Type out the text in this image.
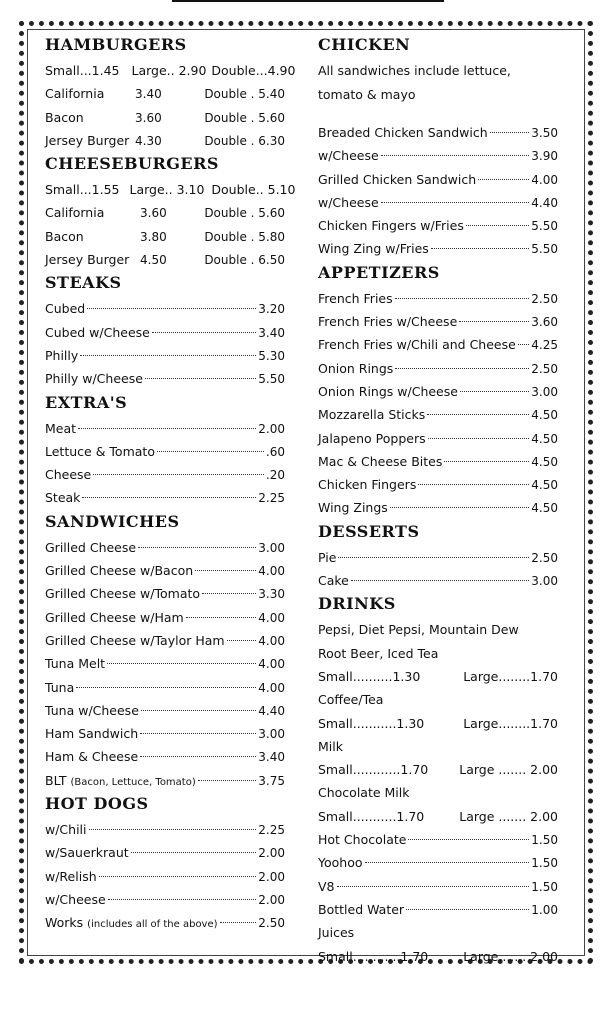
HAMBURGERS
Small...1.45 Large.. 2.90 Double...4.90
California	3.40	Double . 5.40
Bacon	3.60	Double . 5.60
Jersey Burger 4.30	Double . 6.30
CHEESEBURGERS
Small...1.55 Large.. 3.10 Double.. 5.10
California	3.60	Double . 5.60
Bacon	3.80	Double . 5.80
Jersey Burger 4.50	Double . 6.50
STEAKS
Cubed	3.20
Cubed w/Cheese	3.40
Philly	5.30
Philly w/Cheese	5.50
EXTRA'S
Meat	2.00
Lettuce & Tomato	.60
Cheese	.20
Steak	2.25
SANDWICHES
Grilled Cheese	3.00
Grilled Cheese w/Bacon	4.00
Grilled Cheese w/Tomato	3.30
Grilled Cheese w/Ham	4.00
Grilled Cheese w/Taylor Ham	4.00
Tuna Melt	4.00
Tuna	4.00
Tuna w/Cheese	4.40
Ham Sandwich	3.00
Ham & Cheese	3.40
BLT (Bacon, Lettuce, Tomato)	3.75
HOT DOGS
w/Chili	2.25
w/Sauerkraut	2.00
w/Relish	2.00
w/Cheese	2.00
Works (includes all of the above)	2.50
CHICKEN
All sandwiches include lettuce,
tomato & mayo
Breaded Chicken Sandwich	3.50
w/Cheese	3.90
Grilled Chicken Sandwich	4.00
w/Cheese	4.40
Chicken Fingers w/Fries	5.50
Wing Zing w/Fries	5.50
APPETIZERS
French Fries	2.50
French Fries w/Cheese	3.60
French Fries w/Chili and Cheese 4.25
Onion Rings	2.50
Onion Rings w/Cheese	3.00
Mozzarella Sticks	4.50
Jalapeno Poppers	4.50
Mac & Cheese Bites	4.50
Chicken Fingers	4.50
Wing Zings	4.50
DESSERTS
Pie	2.50
Cake	3.00
DRINKS
Pepsi, Diet Pepsi, Mountain Dew
Root Beer, Iced Tea
Small..........1.30	Large........1.70
Coffee/Tea
Small...........1.30	Large........1.70
Milk
Small............1.70 Large ....... 2.00
Chocolate Milk
Small...........1.70	Large ....... 2.00
Hot Chocolate	1.50
Yoohoo	1.50
V8	1.50
Bottled Water	1.00
Juices
Small............1.70	Large....... 2.00
